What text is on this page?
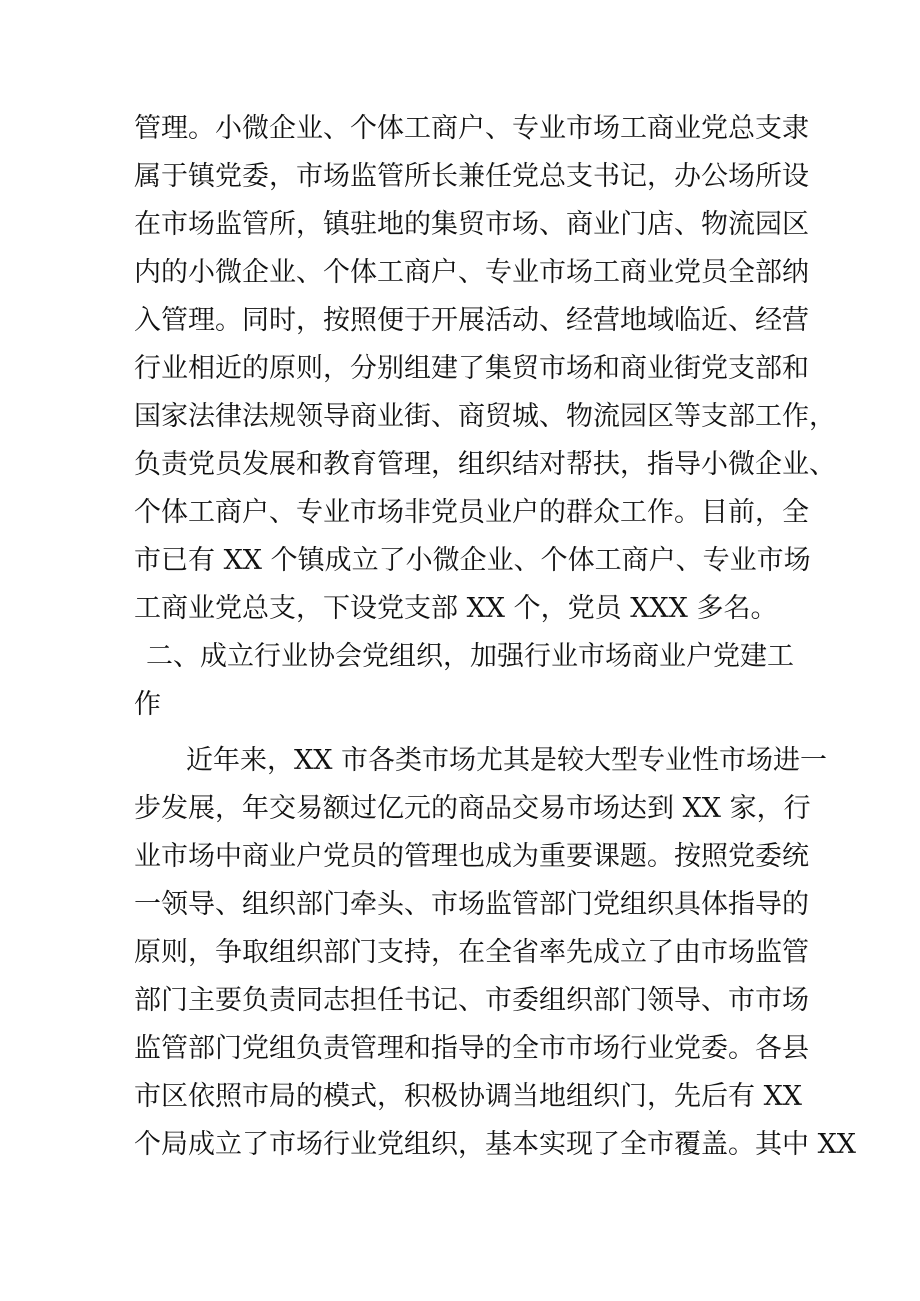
管理。小微企业、个体工商户、专业市场工商业党总支隶
属于镇党委，市场监管所长兼任党总支书记，办公场所设
在市场监管所，镇驻地的集贸市场、商业门店、物流园区
内的小微企业、个体工商户、专业市场工商业党员全部纳
入管理。同时，按照便于开展活动、经营地域临近、经营
行业相近的原则，分别组建了集贸市场和商业街党支部和
国家法律法规领导商业街、商贸城、物流园区等支部工作，
负责党员发展和教育管理，组织结对帮扶，指导小微企业、
个体工商户、专业市场非党员业户的群众工作。目前，全
市已有 XX 个镇成立了小微企业、个体工商户、专业市场
工商业党总支，下设党支部 XX 个，党员 XXX 多名。
二、成立行业协会党组织，加强行业市场商业户党建工
作
近年来，XX 市各类市场尤其是较大型专业性市场进一
步发展，年交易额过亿元的商品交易市场达到 XX 家，行
业市场中商业户党员的管理也成为重要课题。按照党委统
一领导、组织部门牵头、市场监管部门党组织具体指导的
原则，争取组织部门支持，在全省率先成立了由市场监管
部门主要负责同志担任书记、市委组织部门领导、市市场
监管部门党组负责管理和指导的全市市场行业党委。各县
市区依照市局的模式，积极协调当地组织门，先后有 XX
个局成立了市场行业党组织，基本实现了全市覆盖。其中 XX
